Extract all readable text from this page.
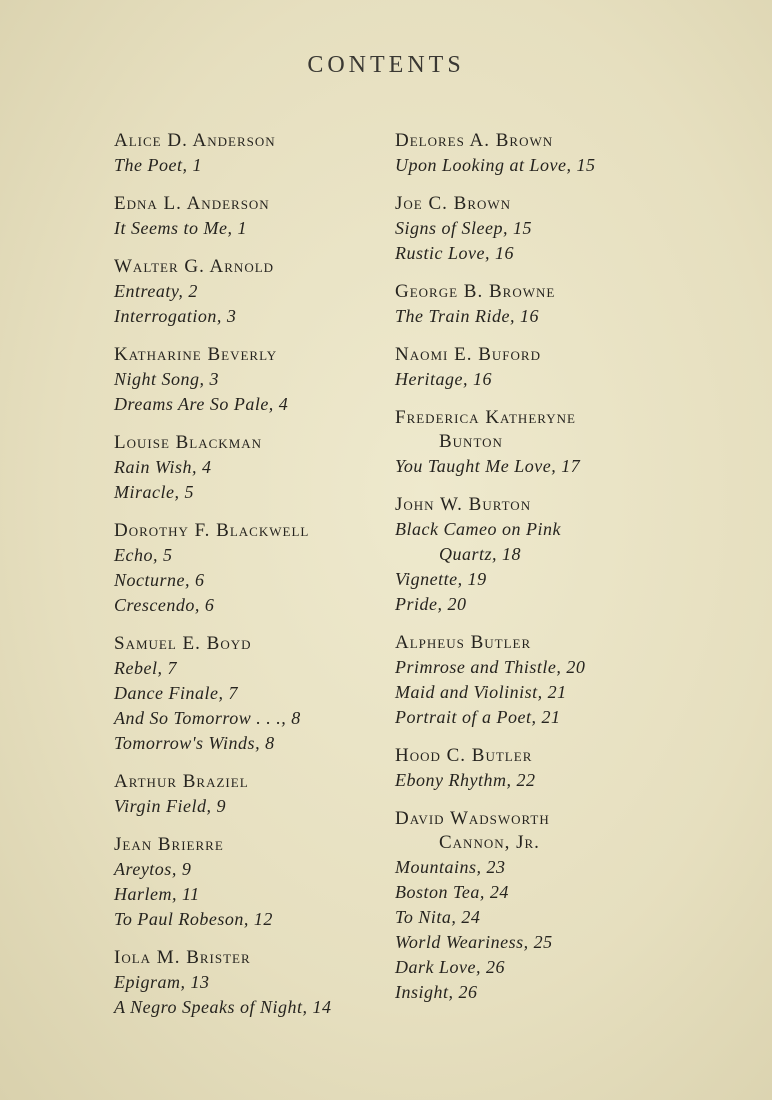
CONTENTS
Alice D. Anderson
The Poet, 1
Edna L. Anderson
It Seems to Me, 1
Walter G. Arnold
Entreaty, 2
Interrogation, 3
Katharine Beverly
Night Song, 3
Dreams Are So Pale, 4
Louise Blackman
Rain Wish, 4
Miracle, 5
Dorothy F. Blackwell
Echo, 5
Nocturne, 6
Crescendo, 6
Samuel E. Boyd
Rebel, 7
Dance Finale, 7
And So Tomorrow . . ., 8
Tomorrow's Winds, 8
Arthur Braziel
Virgin Field, 9
Jean Brierre
Areytos, 9
Harlem, 11
To Paul Robeson, 12
Iola M. Brister
Epigram, 13
A Negro Speaks of Night, 14
Delores A. Brown
Upon Looking at Love, 15
Joe C. Brown
Signs of Sleep, 15
Rustic Love, 16
George B. Browne
The Train Ride, 16
Naomi E. Buford
Heritage, 16
Frederica Katheryne
Bunton
You Taught Me Love, 17
John W. Burton
Black Cameo on Pink
Quartz, 18
Vignette, 19
Pride, 20
Alpheus Butler
Primrose and Thistle, 20
Maid and Violinist, 21
Portrait of a Poet, 21
Hood C. Butler
Ebony Rhythm, 22
David Wadsworth
Cannon, Jr.
Mountains, 23
Boston Tea, 24
To Nita, 24
World Weariness, 25
Dark Love, 26
Insight, 26
